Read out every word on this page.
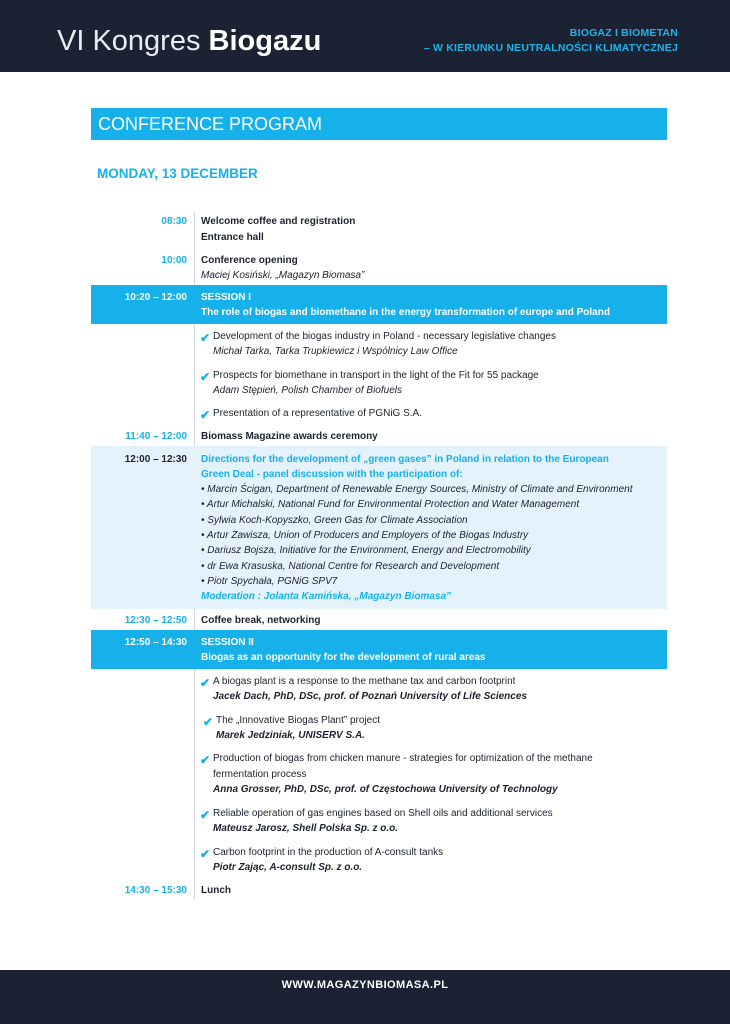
VI Kongres Biogazu	BIOGAZ I BIOMETAN
– W KIERUNKU NEUTRALNOŚCI KLIMATYCZNEJ
CONFERENCE PROGRAM
MONDAY, 13 DECEMBER
08:30 Welcome coffee and registration
Entrance hall
10:00 Conference opening
Maciej Kosiński, „Magazyn Biomasa”
10:20 – 12:00 SESSION I
The role of biogas and biomethane in the energy transformation of europe and Poland
✔ Development of the biogas industry in Poland - necessary legislative changes
Michał Tarka, Tarka Trupkiewicz i Wspólnicy Law Office
✔ Prospects for biomethane in transport in the light of the Fit for 55 package
Adam Stępień, Polish Chamber of Biofuels
✔ Presentation of a representative of PGNiG S.A.
11:40 – 12:00 Biomass Magazine awards ceremony
12:00 – 12:30 Directions for the development of „green gases” in Poland in relation to the European
Green Deal - panel discussion with the participation of:
• Marcin Ścigan, Department of Renewable Energy Sources, Ministry of Climate and Environment
• Artur Michalski, National Fund for Environmental Protection and Water Management
• Sylwia Koch-Kopyszko, Green Gas for Climate Association
• Artur Zawisza, Union of Producers and Employers of the Biogas Industry
• Dariusz Bojsza, Initiative for the Environment, Energy and Electromobility
• dr Ewa Krasuska, National Centre for Research and Development
• Piotr Spychała, PGNiG SPV7
Moderation : Jolanta Kamińska, „Magazyn Biomasa”
12:30 – 12:50 Coffee break, networking
12:50 – 14:30 SESSION II
Biogas as an opportunity for the development of rural areas
✔ A biogas plant is a response to the methane tax and carbon footprint
Jacek Dach, PhD, DSc, prof. of Poznań University of Life Sciences
✔ The „Innovative Biogas Plant” project
Marek Jedziniak, UNISERV S.A.
✔ Production of biogas from chicken manure - strategies for optimization of the methane
fermentation process
Anna Grosser, PhD, DSc, prof. of Częstochowa University of Technology
✔ Reliable operation of gas engines based on Shell oils and additional services
Mateusz Jarosz, Shell Polska Sp. z o.o.
✔ Carbon footprint in the production of A-consult tanks
Piotr Zając, A-consult Sp. z o.o.
14:30 – 15:30 Lunch
WWW.MAGAZYNBIOMASA.PL
